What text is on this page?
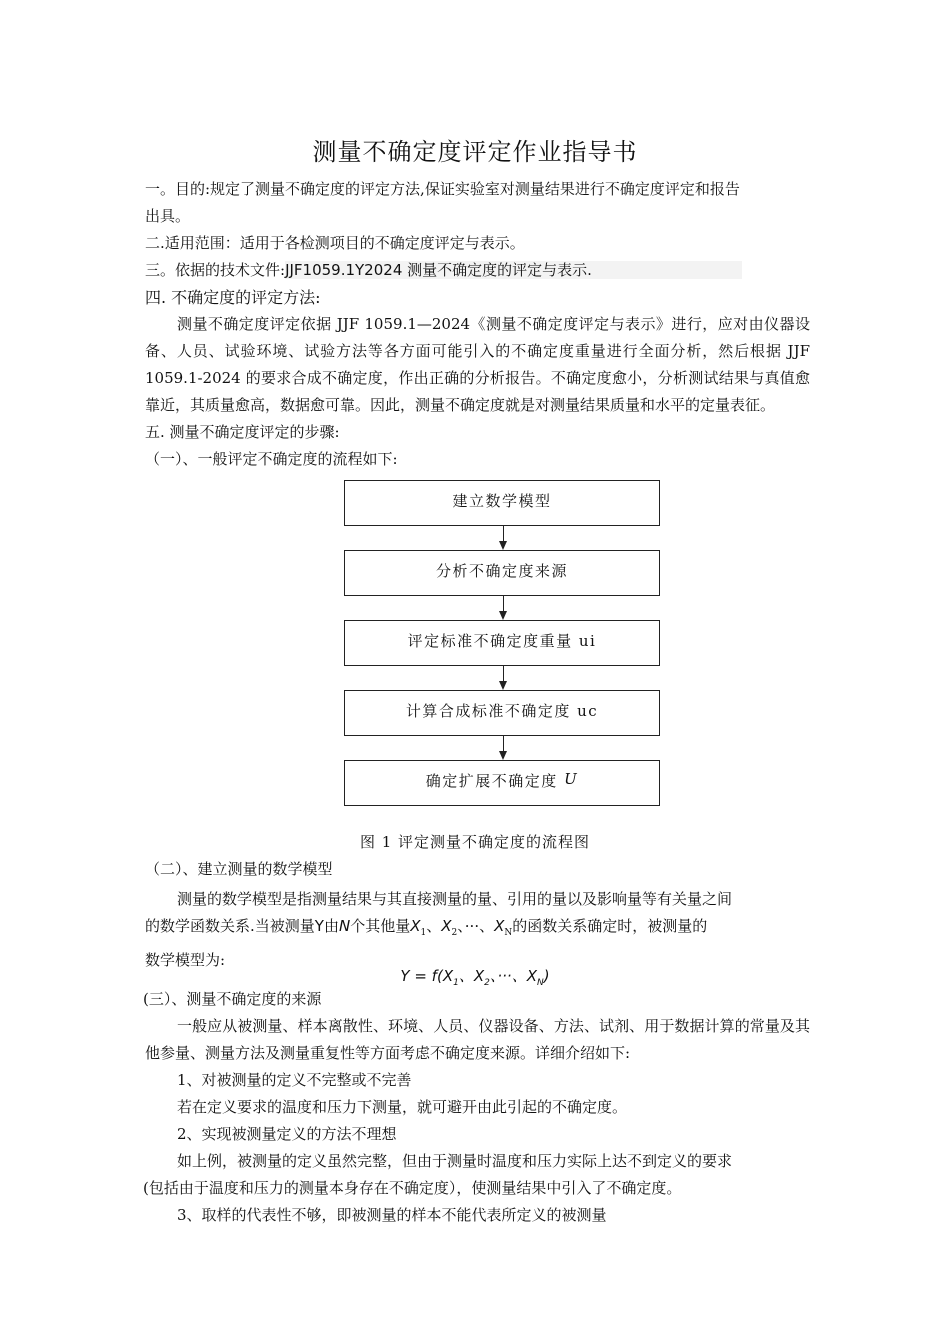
测量不确定度评定作业指导书
一。目的:规定了测量不确定度的评定方法,保证实验室对测量结果进行不确定度评定和报告
出具。
二.适用范围：适用于各检测项目的不确定度评定与表示。
三。依据的技术文件:JJF1059.1Y2024 测量不确定度的评定与表示.
四. 不确定度的评定方法:
测量不确定度评定依据 JJF 1059.1—2024《测量不确定度评定与表示》进行，应对由仪器设备、人员、试验环境、试验方法等各方面可能引入的不确定度重量进行全面分析，然后根据 JJF 1059.1-2024 的要求合成不确定度，作出正确的分析报告。不确定度愈小，分析测试结果与真值愈靠近，其质量愈高，数据愈可靠。因此，测量不确定度就是对测量结果质量和水平的定量表征。
五. 测量不确定度评定的步骤:
（一）、一般评定不确定度的流程如下:
建立数学模型
分析不确定度来源
评定标准不确定度重量 ui
计算合成标准不确定度 uc
确定扩展不确定度
U
图 1 评定测量不确定度的流程图
（二）、建立测量的数学模型
测量的数学模型是指测量结果与其直接测量的量、引用的量以及影响量等有关量之间
的数学函数关系.当被测量Y由N个其他量$X_1$、$X_2$、···、$X_N$的函数关系确定时，被测量的
数学模型为:
$Y = f(X_1$、$X_2$、···、$X_N$)
(三）、测量不确定度的来源
一般应从被测量、样本离散性、环境、人员、仪器设备、方法、试剂、用于数据计算的常量及其他参量、测量方法及测量重复性等方面考虑不确定度来源。详细介绍如下:
1、对被测量的定义不完整或不完善
若在定义要求的温度和压力下测量，就可避开由此引起的不确定度。
2、实现被测量定义的方法不理想
如上例，被测量的定义虽然完整，但由于测量时温度和压力实际上达不到定义的要求
(包括由于温度和压力的测量本身存在不确定度），使测量结果中引入了不确定度。
3、取样的代表性不够，即被测量的样本不能代表所定义的被测量
